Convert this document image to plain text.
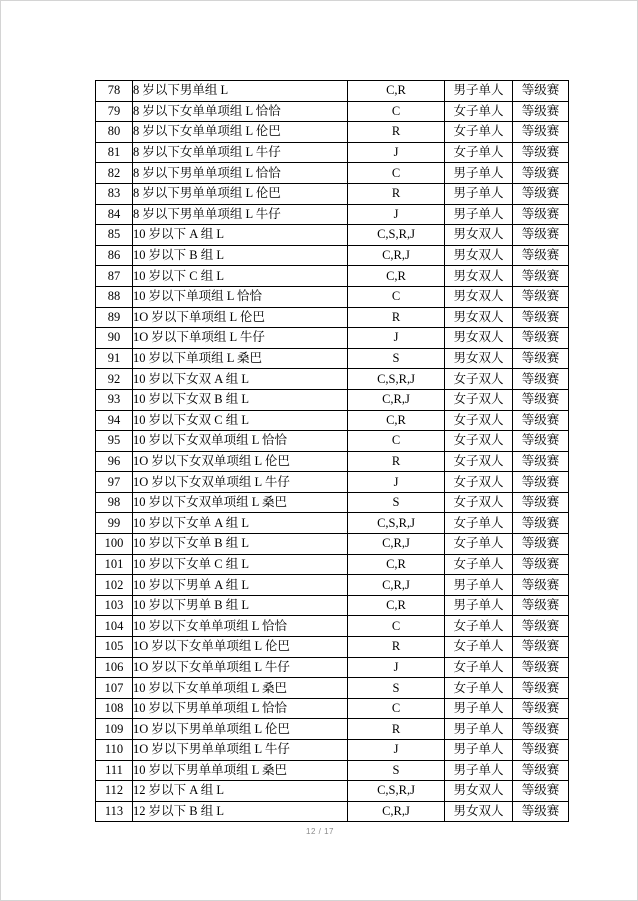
78	8 岁以下男单组 L	C,R	男子单人	等级赛
79	8 岁以下女单单项组 L 恰恰	C	女子单人	等级赛
80	8 岁以下女单单项组 L 伦巴	R	女子单人	等级赛
81	8 岁以下女单单项组 L 牛仔	J	女子单人	等级赛
82	8 岁以下男单单项组 L 恰恰	C	男子单人	等级赛
83	8 岁以下男单单项组 L 伦巴	R	男子单人	等级赛
84	8 岁以下男单单项组 L 牛仔	J	男子单人	等级赛
85	10 岁以下 A 组 L	C,S,R,J	男女双人	等级赛
86	10 岁以下 B 组 L	C,R,J	男女双人	等级赛
87	10 岁以下 C 组 L	C,R	男女双人	等级赛
88	10 岁以下单项组 L 恰恰	C	男女双人	等级赛
89	1O 岁以下单项组 L 伦巴	R	男女双人	等级赛
90	1O 岁以下单项组 L 牛仔	J	男女双人	等级赛
91	10 岁以下单项组 L 桑巴	S	男女双人	等级赛
92	10 岁以下女双 A 组 L	C,S,R,J	女子双人	等级赛
93	10 岁以下女双 B 组 L	C,R,J	女子双人	等级赛
94	10 岁以下女双 C 组 L	C,R	女子双人	等级赛
95	10 岁以下女双单项组 L 恰恰	C	女子双人	等级赛
96	1O 岁以下女双单项组 L 伦巴	R	女子双人	等级赛
97	1O 岁以下女双单项组 L 牛仔	J	女子双人	等级赛
98	10 岁以下女双单项组 L 桑巴	S	女子双人	等级赛
99	10 岁以下女单 A 组 L	C,S,R,J	女子单人	等级赛
100	10 岁以下女单 B 组 L	C,R,J	女子单人	等级赛
101	10 岁以下女单 C 组 L	C,R	女子单人	等级赛
102	10 岁以下男单 A 组 L	C,R,J	男子单人	等级赛
103	10 岁以下男单 B 组 L	C,R	男子单人	等级赛
104	10 岁以下女单单项组 L 恰恰	C	女子单人	等级赛
105	1O 岁以下女单单项组 L 伦巴	R	女子单人	等级赛
106	1O 岁以下女单单项组 L 牛仔	J	女子单人	等级赛
107	10 岁以下女单单项组 L 桑巴	S	女子单人	等级赛
108	10 岁以下男单单项组 L 恰恰	C	男子单人	等级赛
109	1O 岁以下男单单项组 L 伦巴	R	男子单人	等级赛
110	1O 岁以下男单单项组 L 牛仔	J	男子单人	等级赛
111	10 岁以下男单单项组 L 桑巴	S	男子单人	等级赛
112	12 岁以下 A 组 L	C,S,R,J	男女双人	等级赛
113	12 岁以下 B 组 L	C,R,J	男女双人	等级赛
12 / 17
